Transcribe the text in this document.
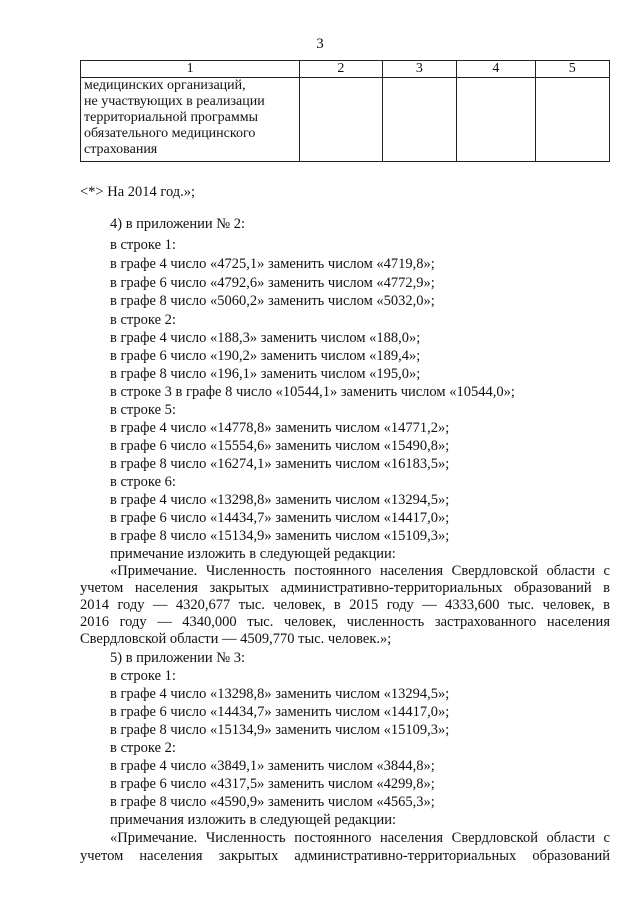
3
1	2	3	4	5
медицинских организаций,
не участвующих в реализации
территориальной программы
обязательного медицинского
страхования				
<*> На 2014 год.»;
4) в приложении № 2:
в строке 1:
в графе 4 число «4725,1» заменить числом «4719,8»;
в графе 6 число «4792,6» заменить числом «4772,9»;
в графе 8 число «5060,2» заменить числом «5032,0»;
в строке 2:
в графе 4 число «188,3» заменить числом «188,0»;
в графе 6 число «190,2» заменить числом «189,4»;
в графе 8 число «196,1» заменить числом «195,0»;
в строке 3 в графе 8 число «10544,1» заменить числом «10544,0»;
в строке 5:
в графе 4 число «14778,8» заменить числом «14771,2»;
в графе 6 число «15554,6» заменить числом «15490,8»;
в графе 8 число «16274,1» заменить числом «16183,5»;
в строке 6:
в графе 4 число «13298,8» заменить числом «13294,5»;
в графе 6 число «14434,7» заменить числом «14417,0»;
в графе 8 число «15134,9» заменить числом «15109,3»;
примечание изложить в следующей редакции:
«Примечание. Численность постоянного населения Свердловской области с
учетом населения закрытых административно-территориальных образований в
2014 году — 4320,677 тыс. человек, в 2015 году — 4333,600 тыс. человек, в
2016 году — 4340,000 тыс. человек, численность застрахованного населения
Свердловской области — 4509,770 тыс. человек.»;
5) в приложении № 3:
в строке 1:
в графе 4 число «13298,8» заменить числом «13294,5»;
в графе 6 число «14434,7» заменить числом «14417,0»;
в графе 8 число «15134,9» заменить числом «15109,3»;
в строке 2:
в графе 4 число «3849,1» заменить числом «3844,8»;
в графе 6 число «4317,5» заменить числом «4299,8»;
в графе 8 число «4590,9» заменить числом «4565,3»;
примечания изложить в следующей редакции:
«Примечание. Численность постоянного населения Свердловской области с
учетом населения закрытых административно-территориальных образований
